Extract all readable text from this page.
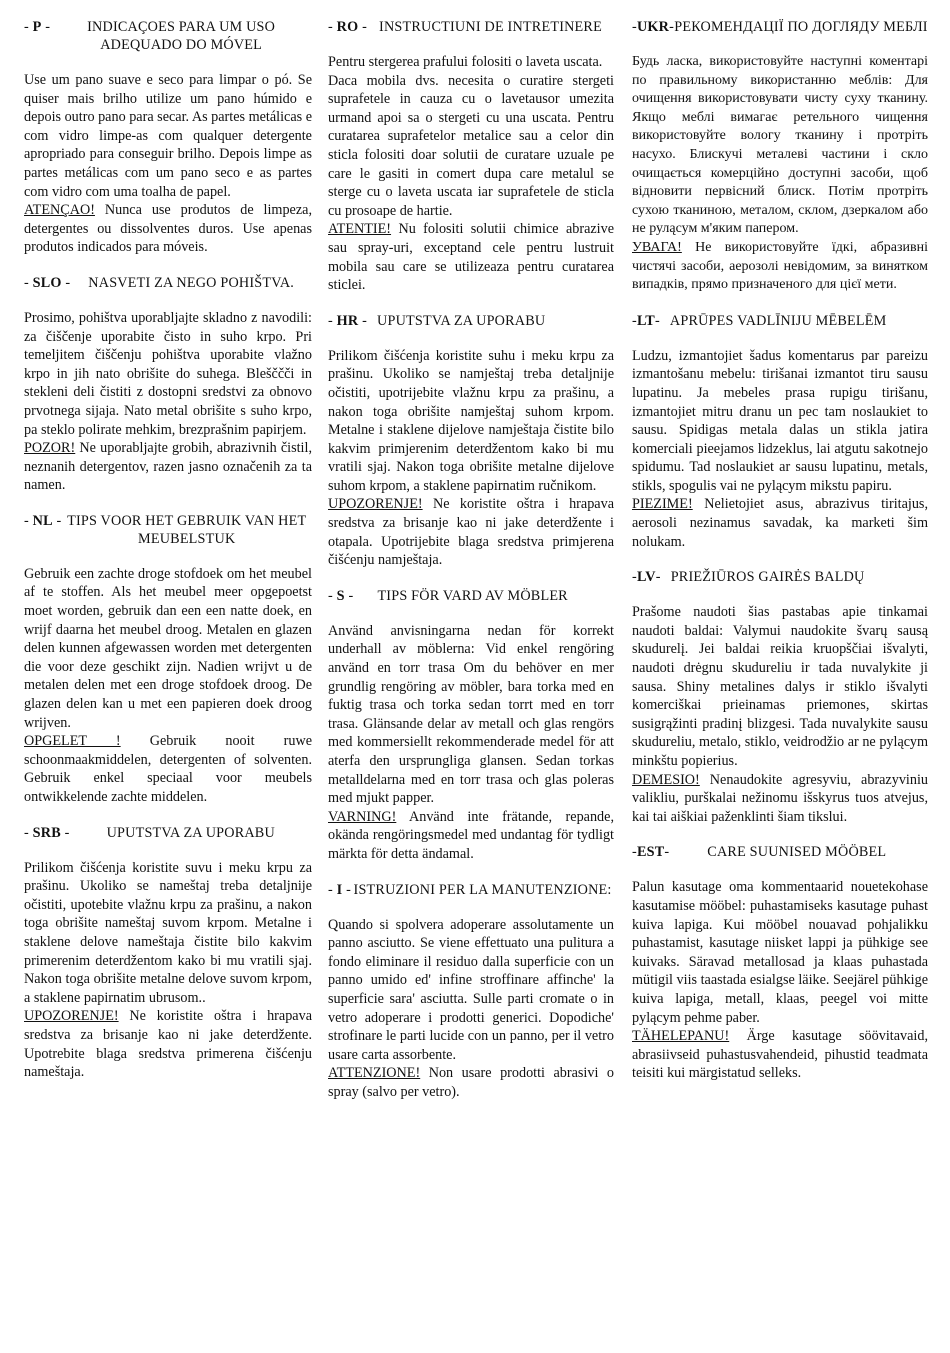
- P -	INDICAÇOES PARA UM USO ADEQUADO DO MÓVEL

Use um pano suave e seco para limpar o pó. Se quiser mais brilho utilize um pano húmido e depois outro pano para secar. As partes metálicas e com vidro limpe-as com qualquer detergente apropriado para conseguir brilho. Depois limpe as partes metálicas com um pano seco e as partes com vidro com uma toalha de papel.

ATENÇAO! Nunca use produtos de limpeza, detergentes ou dissolventes duros. Use apenas produtos indicados para móveis.

- SLO -	NASVETI ZA NEGO POHIŠTVA.

Prosimo, pohištva uporabljajte skladno z navodili: za čiščenje uporabite čisto in suho krpo. Pri temeljitem čiščenju pohištva uporabite vlažno krpo in jih nato obrišite do suhega. Blešččči in stekleni deli čistiti z dostopni sredstvi za obnovo prvotnega sijaja. Nato metal obrišite s suho krpo, pa steklo polirate mehkim, brezprašnim papirjem.

POZOR! Ne uporabljajte grobih, abrazivnih čistil, neznanih detergentov, razen jasno označenih za ta namen.

- NL - TIPS VOOR HET GEBRUIK VAN HET MEUBELSTUK

Gebruik een zachte droge stofdoek om het meubel af te stoffen. Als het meubel meer opgepoetst moet worden, gebruik dan een een natte doek, en wrijf daarna het meubel droog. Metalen en glazen delen kunnen afgewassen worden met detergenten die voor deze geschikt zijn. Nadien wrijvt u de metalen delen met een droge stofdoek droog. De glazen delen kan u met een papieren doek droog wrijven.

OPGELET ! Gebruik nooit ruwe schoonmaakmiddelen, detergenten of solventen. Gebruik enkel speciaal voor meubels ontwikkelende zachte middelen.

- SRB -	UPUTSTVA ZA UPORABU

Prilikom čišćenja koristite suvu i meku krpu za prašinu. Ukoliko se nameštaj treba detaljnije očistiti, upotebite vlažnu krpu za prašinu, a nakon toga obrišite nameštaj suvom krpom. Metalne i staklene delove nameštaja čistite bilo kakvim primerenim deterdžentom kako bi mu vratili sjaj. Nakon toga obrišite metalne delove suvom krpom, a staklene papirnatim ubrusom..

UPOZORENJE! Ne koristite oštra i hrapava sredstva za brisanje kao ni jake deterdžente. Upotrebite blaga sredstva primerena čišćenju nameštaja.

- RO - INSTRUCTIUNI DE INTRETINERE

Pentru stergerea prafului folositi o laveta uscata.

Daca mobila dvs. necesita o curatire stergeti suprafetele in cauza cu o lavetausor umezita urmand apoi sa o stergeti cu una uscata. Pentru curatarea suprafetelor metalice sau a celor din sticla folositi doar solutii de curatare uzuale pe care le gasiti in comert dupa care metalul se sterge cu o laveta uscata iar suprafetele de sticla cu prosoape de hartie.

ATENTIE! Nu folositi solutii chimice abrazive sau spray-uri, exceptand cele pentru lustruit mobila sau care se utilizeaza pentru curatarea sticlei.

- HR - UPUTSTVA ZA UPORABU

Prilikom čišćenja koristite suhu i meku krpu za prašinu. Ukoliko se namještaj treba detaljnije očistiti, upotrijebite vlažnu krpu za prašinu, a nakon toga obrišite namještaj suhom krpom. Metalne i staklene dijelove namještaja čistite bilo kakvim primjerenim deterdžentom kako bi mu vratili sjaj. Nakon toga obrišite metalne dijelove suhom krpom, a staklene papirnatim ručnikom.

UPOZORENJE! Ne koristite oštra i hrapava sredstva za brisanje kao ni jake deterdžente i otapala. Upotrijebite blaga sredstva primjerena čišćenju namještaja.

- S -	TIPS FÖR VARD AV MÖBLER

Använd anvisningarna nedan för korrekt underhall av möblerna: Vid enkel rengöring använd en torr trasa Om du behöver en mer grundlig rengöring av möbler, bara torka med en fuktig trasa och torka sedan torrt med en torr trasa. Glänsande delar av metall och glas rengörs med kommersiellt rekommenderade medel för att aterfa den ursprungliga glansen. Sedan torkas metalldelarna med en torr trasa och glas poleras med mjukt papper.

VARNING! Använd inte frätande, repande, okända rengöringsmedel med undantag för tydligt märkta för detta ändamal.

- I - ISTRUZIONI PER LA MANUTENZIONE:

Quando si spolvera adoperare assolutamente un panno asciutto. Se viene effettuato una pulitura a fondo eliminare il residuo dalla superficie con un panno umido ed' infine stroffinare affinche' la superficie sara' asciutta. Sulle parti cromate o in vetro adoperare i prodotti generici. Dopodiche' strofinare le parti lucide con un panno, per il vetro usare carta assorbente.

ATTENZIONE! Non usare prodotti abrasivi o spray (salvo per vetro).

-UKR- РЕКОМЕНДАЦІЇ ПО ДОГЛЯДУ МЕБЛІ

Будь ласка, використовуйте наступні коментарі по правильному використанню меблів: Для очищення використовувати чисту суху тканину. Якщо меблі вимагає ретельного чищення використовуйте вологу тканину і протріть насухо. Блискучі металеві частини і скло очищається комерційно доступні засоби, щоб відновити первісний блиск. Потім протріть сухою тканиною, металом, склом, дзеркалом або не рулąсум м'яким папером.

УВАГА! Не використовуйте їдкі, абразивні чистячі засоби, аерозолі невідомим, за винятком випадків, прямо призначеного для цієї мети.

-LT- APRŪPES VADLĪNIJU MĒBELĒM

Ludzu, izmantojiet šadus komentarus par pareizu izmantošanu mebelu: tirišanai izmantot tiru sausu lupatinu. Ja mebeles prasa rupigu tirišanu, izmantojiet mitru dranu un pec tam noslaukiet to sausu. Spidigas metala dalas un stikla jatira komerciali pieejamos lidzeklus, lai atgutu sakotnejo spidumu. Tad noslaukiet ar sausu lupatinu, metals, stikls, spogulis vai ne pyląсуm mikstu papiru.

PIEZIME! Nelietojiet asus, abrazivus tiritajus, aerosoli nezinamus savadak, ka marketi šim nolukam.

-LV- PRIEŽIŪROS GAIRĖS BALDŲ

Prašome naudoti šias pastabas apie tinkamai naudoti baldai: Valymui naudokite švarų sausą skudurelį. Jei baldai reikia kruopščiai išvalyti, naudoti drėgnu skudureliu ir tada nuvalykite ji sausa. Shiny metalines dalys ir stiklo išvalyti komerciškai prieinamas priemones, skirtas susigrąžinti pradinį blizgesi. Tada nuvalykite sausu skudureliu, metalo, stiklo, veidrodžio ar ne pyląсуm minkštu popierius.

DEMESIO! Nenaudokite agresyviu, abrazyviniu valikliu, purškalai nežinomu išskyrus tuos atvejus, kai tai aiškiai paženklinti šiam tikslui.

-EST-	CARE SUUNISED MÖÖBEL

Palun kasutage oma kommentaarid nouetekohase kasutamise mööbel: puhastamiseks kasutage puhast kuiva lapiga. Kui mööbel nouavad pohjalikku puhastamist, kasutage niisket lappi ja pühkige see kuivaks. Säravad metallosad ja klaas puhastada mütigil viis taastada esialgse läike. Seejärel pühkige kuiva lapiga, metall, klaas, peegel voi mitte pyląсуm pehme paber.

TÄHELEPANU! Ärge kasutage söövitavaid, abrasiivseid puhastusvahendeid, pihustid teadmata teisiti kui märgistatud selleks.
